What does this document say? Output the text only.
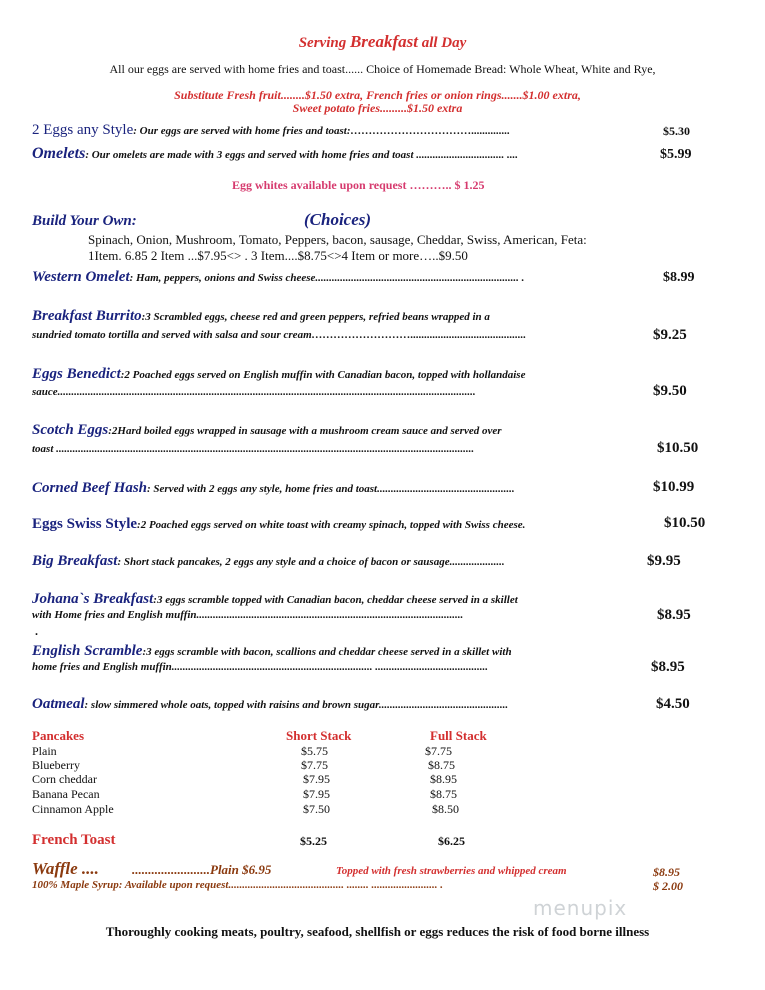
Serving Breakfast all Day
All our eggs are served with home fries and toast...... Choice of Homemade Bread: Whole Wheat, White and Rye,
Substitute Fresh fruit........$1.50 extra, French fries or onion rings.......$1.00 extra,
Sweet potato fries.........$1.50 extra
2 Eggs any Style: Our eggs are served with home fries and toast:……………………………..............	$5.30
Omelets: Our omelets are made with 3 eggs and served with home fries and toast ................................ ....	$5.99
Egg whites available upon request ……….. $ 1.25
Build Your Own:	(Choices)
Spinach, Onion, Mushroom, Tomato, Peppers, bacon, sausage, Cheddar, Swiss, American, Feta:
1Item. 6.85 2 Item ...$7.95<> . 3 Item....$8.75<>4 Item or more…..$9.50
Western Omelet: Ham, peppers, onions and Swiss cheese.......................................................................... .	$8.99
Breakfast Burrito:3 Scrambled eggs, cheese red and green peppers, refried beans wrapped in a
sundried tomato tortilla and served with salsa and sour cream………………………..........................................	$9.25
Eggs Benedict:2 Poached eggs served on English muffin with Canadian bacon, topped with hollandaise
sauce........................................................................................................................................................	$9.50
Scotch Eggs:2Hard boiled eggs wrapped in sausage with a mushroom cream sauce and served over
toast ........................................................................................................................................................	$10.50
Corned Beef Hash: Served with 2 eggs any style, home fries and toast..................................................	$10.99
Eggs Swiss Style:2 Poached eggs served on white toast with creamy spinach, topped with Swiss cheese.	$10.50
Big Breakfast: Short stack pancakes, 2 eggs any style and a choice of bacon or sausage....................	$9.95
Johana`s Breakfast:3 eggs scramble topped with Canadian bacon, cheddar cheese served in a skillet
with Home fries and English muffin.................................................................................................	$8.95
.
English Scramble:3 eggs scramble with bacon, scallions and cheddar cheese served in a skillet with
home fries and English muffin......................................................................... .........................................	$8.95
Oatmeal: slow simmered whole oats, topped with raisins and brown sugar...............................................	$4.50
Pancakes	Short Stack	Full Stack
Plain	$5.75	$7.75
Blueberry	$7.75	$8.75
Corn cheddar	$7.95	$8.95
Banana Pecan	$7.95	$8.75
Cinnamon Apple	$7.50	$8.50
French Toast	$5.25	$6.25
Waffle ....	........................Plain $6.95	Topped with fresh strawberries and whipped cream	$8.95
100% Maple Syrup: Available upon request.......................................... ........ ........................ .	$ 2.00
menupix
Thoroughly cooking meats, poultry, seafood, shellfish or eggs reduces the risk of food borne illness
